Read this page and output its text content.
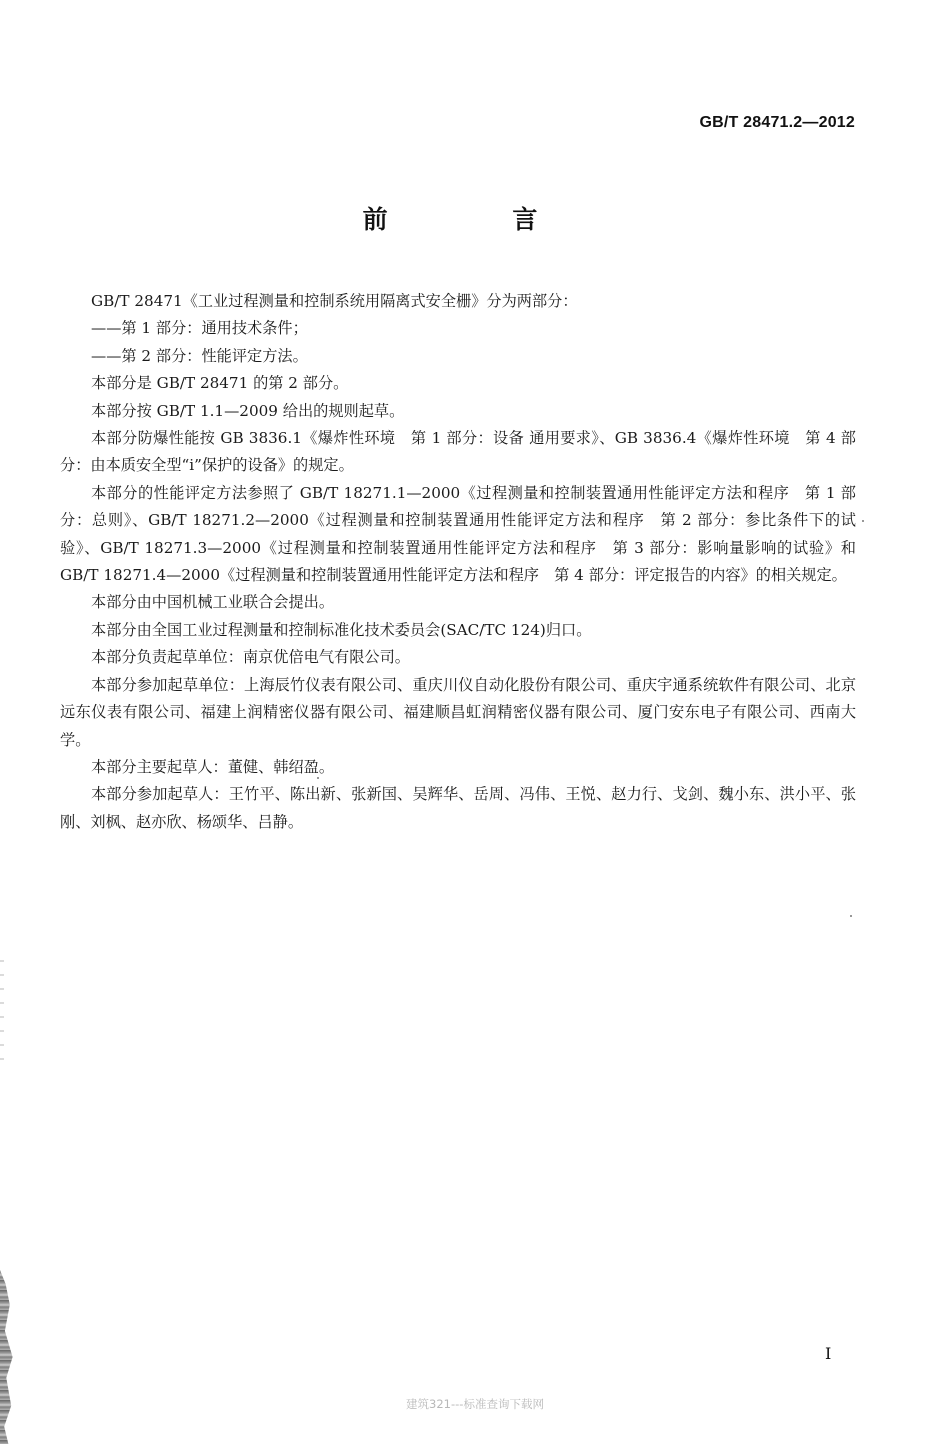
GB/T 28471.2—2012
前 言

GB/T 28471《工业过程测量和控制系统用隔离式安全栅》分为两部分：

——第 1 部分：通用技术条件；

——第 2 部分：性能评定方法。

本部分是 GB/T 28471 的第 2 部分。

本部分按 GB/T 1.1—2009 给出的规则起草。

本部分防爆性能按 GB 3836.1《爆炸性环境　第 1 部分：设备 通用要求》、GB 3836.4《爆炸性环境　第 4 部分：由本质安全型“i”保护的设备》的规定。

本部分的性能评定方法参照了 GB/T 18271.1—2000《过程测量和控制装置通用性能评定方法和程序　第 1 部分：总则》、GB/T 18271.2—2000《过程测量和控制装置通用性能评定方法和程序　第 2 部分：参比条件下的试验》、GB/T 18271.3—2000《过程测量和控制装置通用性能评定方法和程序　第 3 部分：影响量影响的试验》和 GB/T 18271.4—2000《过程测量和控制装置通用性能评定方法和程序　第 4 部分：评定报告的内容》的相关规定。

本部分由中国机械工业联合会提出。

本部分由全国工业过程测量和控制标准化技术委员会(SAC/TC 124)归口。

本部分负责起草单位：南京优倍电气有限公司。

本部分参加起草单位：上海辰竹仪表有限公司、重庆川仪自动化股份有限公司、重庆宇通系统软件有限公司、北京远东仪表有限公司、福建上润精密仪器有限公司、福建顺昌虹润精密仪器有限公司、厦门安东电子有限公司、西南大学。

本部分主要起草人：董健、韩绍盈。

本部分参加起草人：王竹平、陈出新、张新国、吴辉华、岳周、冯伟、王悦、赵力行、戈剑、魏小东、洪小平、张刚、刘枫、赵亦欣、杨颂华、吕静。

I
建筑321---标准查询下载网
